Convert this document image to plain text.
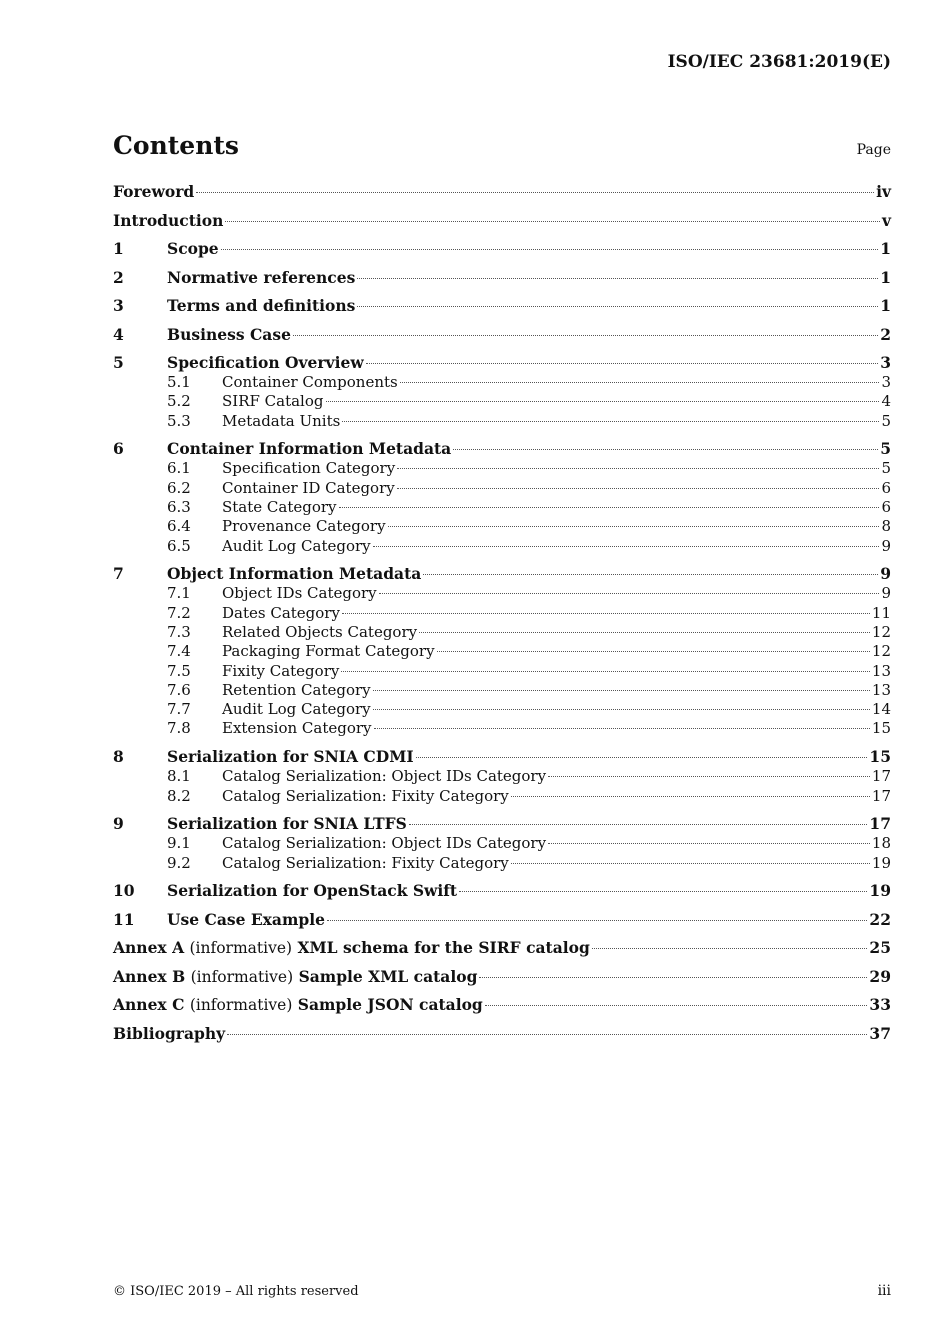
ISO/IEC 23681:2019(E)
Contents	Page
Foreword	iv
Introduction	v
1	Scope	1
2	Normative references	1
3	Terms and definitions	1
4	Business Case	2
5	Specification Overview	3
5.1	Container Components	3
5.2	SIRF Catalog	4
5.3	Metadata Units	5
6	Container Information Metadata	5
6.1	Specification Category	5
6.2	Container ID Category	6
6.3	State Category	6
6.4	Provenance Category	8
6.5	Audit Log Category	9
7	Object Information Metadata	9
7.1	Object IDs Category	9
7.2	Dates Category	11
7.3	Related Objects Category	12
7.4	Packaging Format Category	12
7.5	Fixity Category	13
7.6	Retention Category	13
7.7	Audit Log Category	14
7.8	Extension Category	15
8	Serialization for SNIA CDMI	15
8.1	Catalog Serialization: Object IDs Category	17
8.2	Catalog Serialization: Fixity Category	17
9	Serialization for SNIA LTFS	17
9.1	Catalog Serialization: Object IDs Category	18
9.2	Catalog Serialization: Fixity Category	19
10	Serialization for OpenStack Swift	19
11	Use Case Example	22
Annex A (informative) XML schema for the SIRF catalog	25
Annex B (informative) Sample XML catalog	29
Annex C (informative) Sample JSON catalog	33
Bibliography	37
© ISO/IEC 2019 – All rights reserved	iii
